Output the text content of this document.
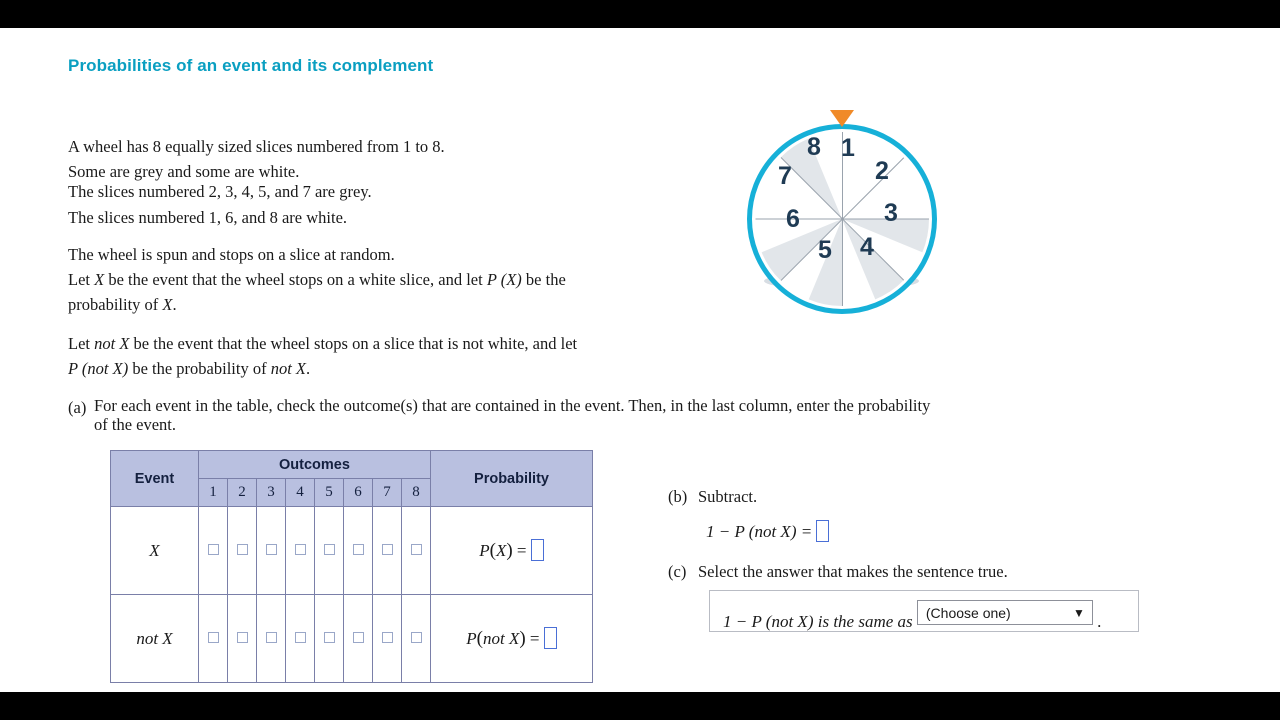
Probabilities of an event and its complement
A wheel has 8 equally sized slices numbered from 1 to 8.
Some are grey and some are white.
The slices numbered 2, 3, 4, 5, and 7 are grey.
The slices numbered 1, 6, and 8 are white.
The wheel is spun and stops on a slice at random.
Let X be the event that the wheel stops on a white slice, and let P (X) be the
probability of X.
Let not X be the event that the wheel stops on a slice that is not white, and let
P (not X) be the probability of not X.
1
2
3
4
5
6
7
8
(a) For each event in the table, check the outcome(s) that are contained in the event. Then, in the last column, enter the probability
of the event.
Event	Outcomes								Probability
	1	2	3	4	5	6	7	8	
X									P(X) =
not X									P(not X) =
(b) Subtract.
1 − P (not X) =
(c) Select the answer that makes the sentence true.
1 − P (not X) is the same as (Choose one)	▼ .
